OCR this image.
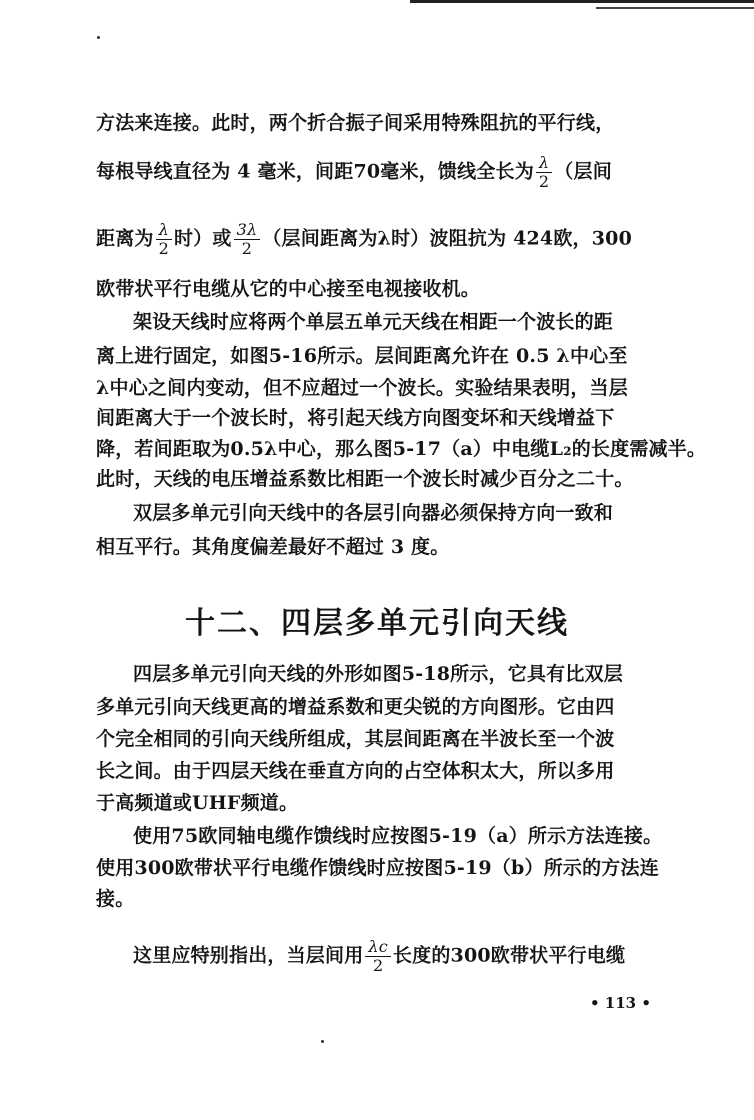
方法来连接。此时，两个折合振子间采用特殊阻抗的平行线，
每根导线直径为 4 毫米，间距70毫米，馈线全长为 $\frac{\lambda}{2}$ （层间
距离为 $\frac{\lambda}{2}$ 时）或 $\frac{3\lambda}{2}$ （层间距离为λ时）波阻抗为 424欧，300
欧带状平行电缆从它的中心接至电视接收机。
架设天线时应将两个单层五单元天线在相距一个波长的距
离上进行固定，如图5-16所示。层间距离允许在 0.5 λ中心至
λ中心之间内变动，但不应超过一个波长。实验结果表明，当层
间距离大于一个波长时，将引起天线方向图变坏和天线增益下
降，若间距取为0.5λ中心，那么图5-17（a）中电缆L₂的长度需减半。
此时，天线的电压增益系数比相距一个波长时减少百分之二十。
双层多单元引向天线中的各层引向器必须保持方向一致和
相互平行。其角度偏差最好不超过 3 度。
十二、四层多单元引向天线
四层多单元引向天线的外形如图5-18所示，它具有比双层
多单元引向天线更高的增益系数和更尖锐的方向图形。它由四
个完全相同的引向天线所组成，其层间距离在半波长至一个波
长之间。由于四层天线在垂直方向的占空体积太大，所以多用
于高频道或UHF频道。
使用75欧同轴电缆作馈线时应按图5-19（a）所示方法连接。
使用300欧带状平行电缆作馈线时应按图5-19（b）所示的方法连
接。
这里应特别指出，当层间用 $\frac{\lambda c}{2}$ 长度的300欧带状平行电缆
• 113 •
